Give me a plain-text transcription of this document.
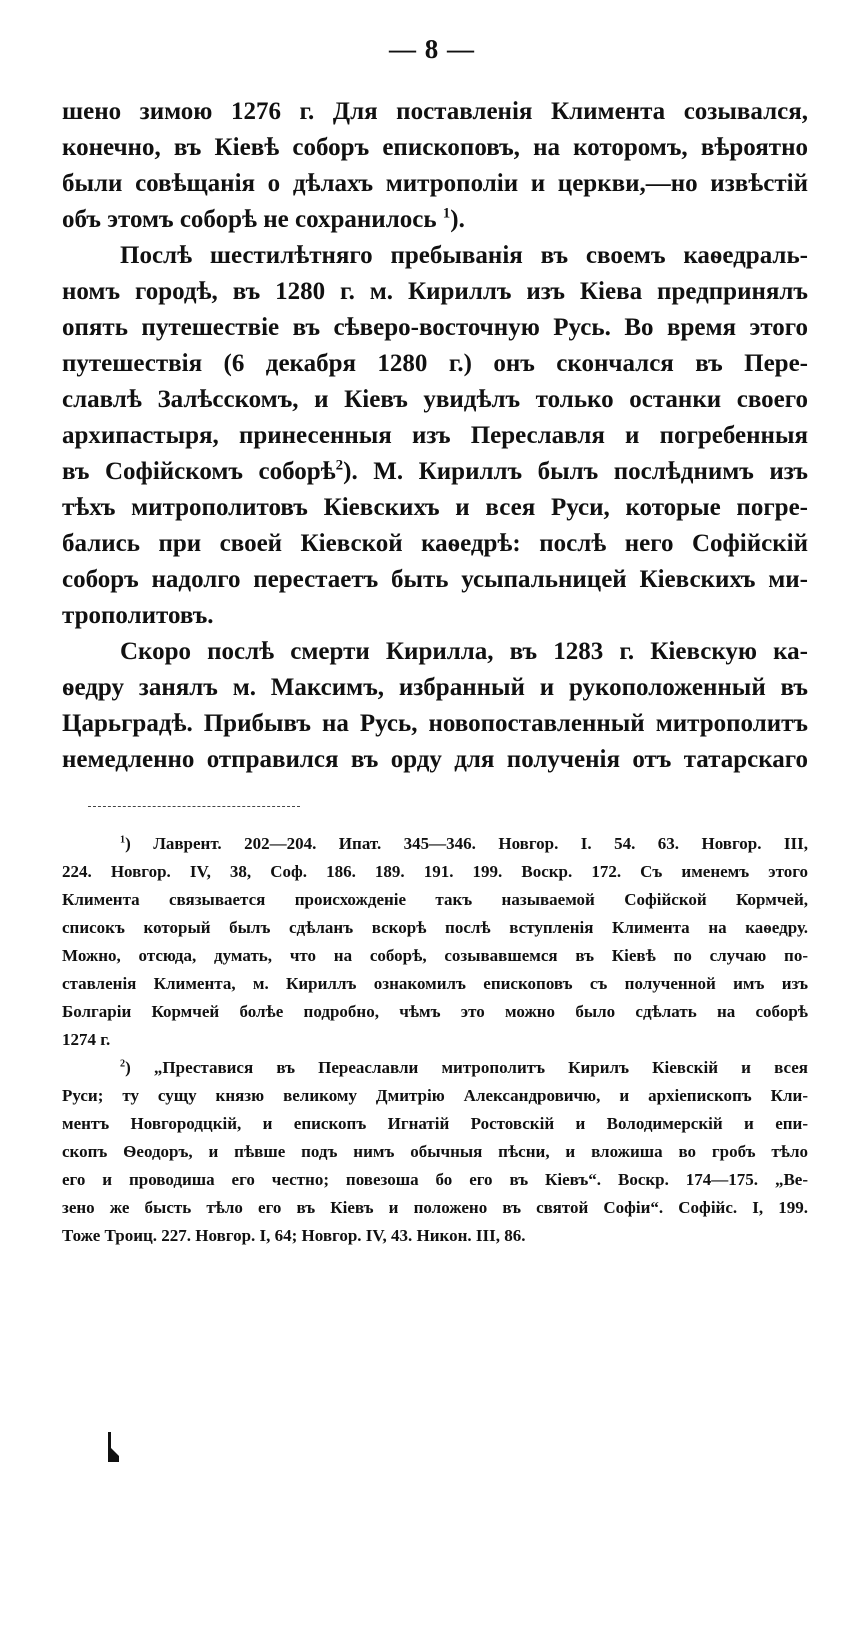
— 8 —
шено зимою 1276 г. Для поставленія Климента созывался,
конечно, въ Кіевѣ соборъ епископовъ, на которомъ, вѣроятно
были совѣщанія о дѣлахъ митрополіи и церкви,—но извѣстій
объ этомъ соборѣ не сохранилось $^1$).
Послѣ шестилѣтняго пребыванія въ своемъ каѳедраль-
номъ городѣ, въ 1280 г. м. Кириллъ изъ Кіева предпринялъ
опять путешествіе въ сѣверо-восточную Русь. Во время этого
путешествія (6 декабря 1280 г.) онъ скончался въ Пере-
славлѣ Залѣсскомъ, и Кіевъ увидѣлъ только останки своего
архипастыря, принесенныя изъ Переславля и погребенныя
въ Софійскомъ соборѣ$^2$). М. Кириллъ былъ послѣднимъ изъ
тѣхъ митрополитовъ Кіевскихъ и всея Руси, которые погре-
бались при своей Кіевской каѳедрѣ: послѣ него Софійскій
соборъ надолго перестаетъ быть усыпальницей Кіевскихъ ми-
трополитовъ.
Скоро послѣ смерти Кирилла, въ 1283 г. Кіевскую ка-
ѳедру занялъ м. Максимъ, избранный и рукоположенный въ
Царьградѣ. Прибывъ на Русь, новопоставленный митрополитъ
немедленно отправился въ орду для полученія отъ татарскаго
$^1$) Лаврент. 202—204. Ипат. 345—346. Новгор. I. 54. 63. Новгор. III,
224. Новгор. IV, 38, Соф. 186. 189. 191. 199. Воскр. 172. Съ именемъ этого
Климента связывается происхожденіе такъ называемой Софійской Кормчей,
списокъ который былъ сдѣланъ вскорѣ послѣ вступленія Климента на каѳедру.
Можно, отсюда, думать, что на соборѣ, созывавшемся въ Кіевѣ по случаю по-
ставленія Климента, м. Кириллъ ознакомилъ епископовъ съ полученной имъ изъ
Болгаріи Кормчей болѣе подробно, чѣмъ это можно было сдѣлать на соборѣ
1274 г.
$^2$) „Преставися въ Переаславли митрополитъ Кирилъ Кіевскій и всея
Руси; ту сущу князю великому Дмитрію Александровичю, и архіепископъ Кли-
ментъ Новгородцкій, и епископъ Игнатій Ростовскій и Володимерскій и епи-
скопъ Ѳеодоръ, и пѣвше подъ нимъ обычныя пѣсни, и вложиша во гробъ тѣло
его и проводиша его честно; повезоша бо его въ Кіевъ“. Воскр. 174—175. „Ве-
зено же бысть тѣло его въ Кіевъ и положено въ святой Софіи“. Софійс. I, 199.
Тоже Троиц. 227. Новгор. I, 64; Новгор. IV, 43. Никон. III, 86.
